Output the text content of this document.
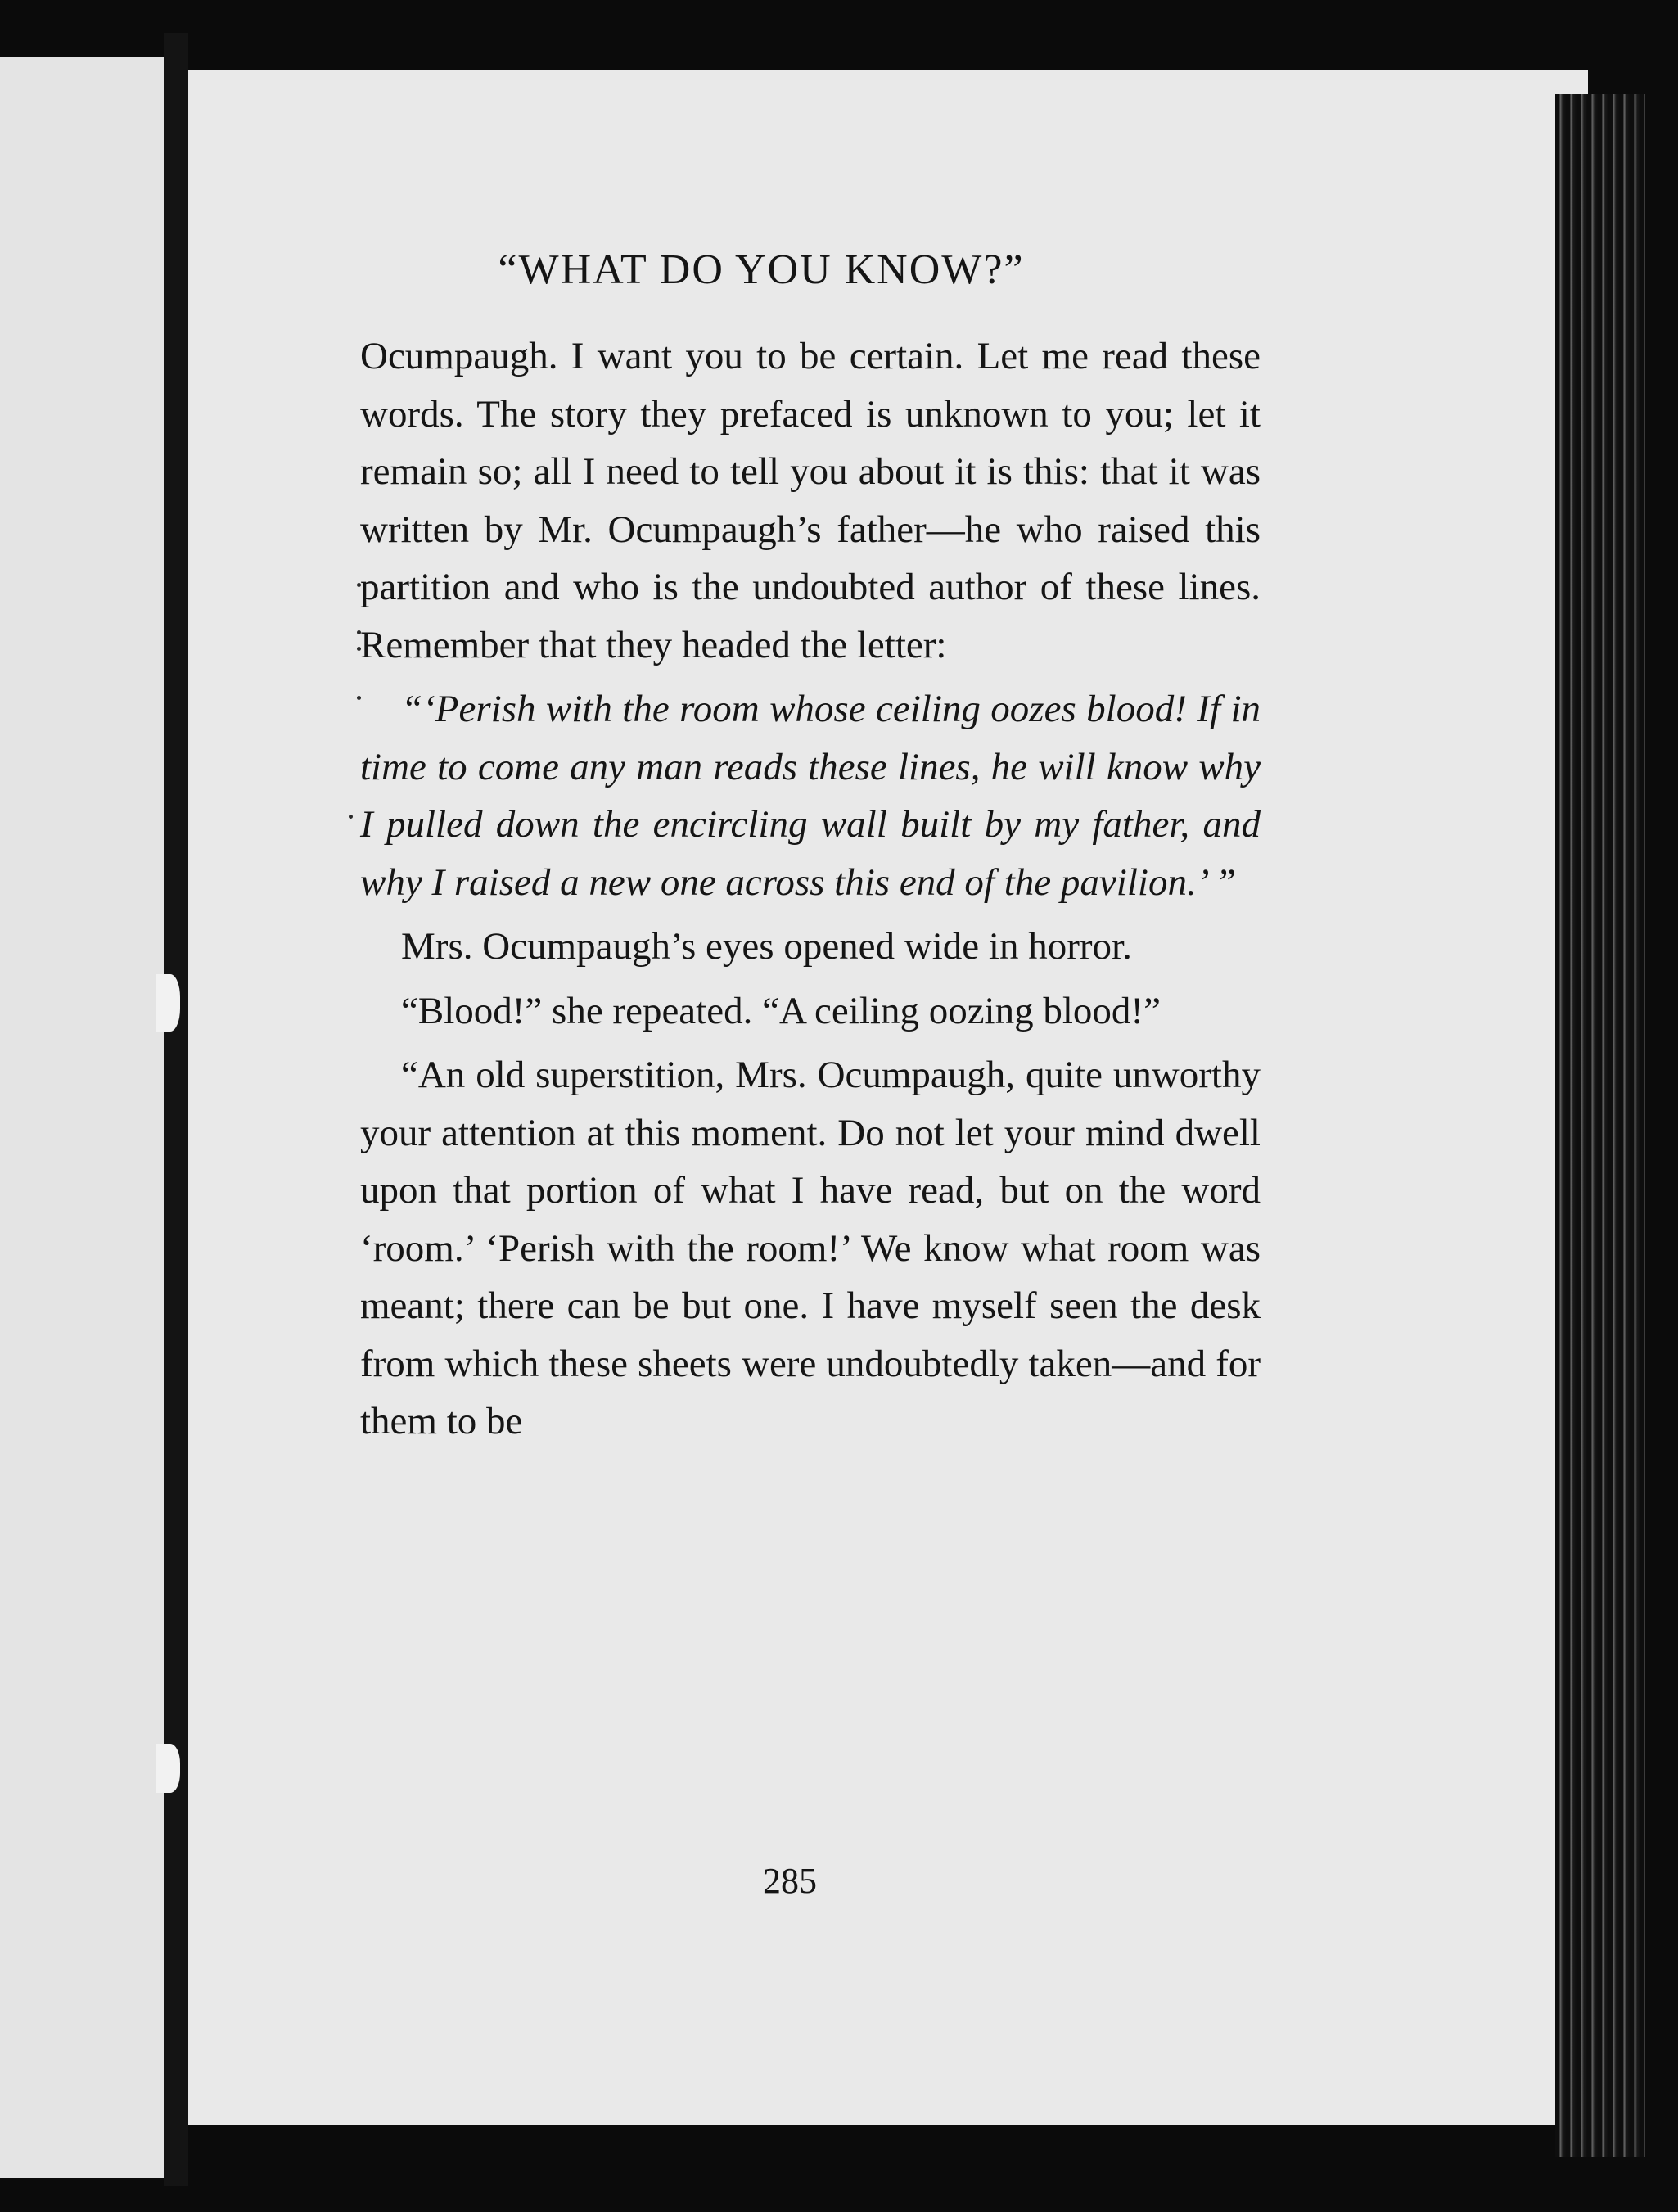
“WHAT DO YOU KNOW?”

Ocumpaugh. I want you to be certain. Let me read these words. The story they prefaced is unknown to you; let it remain so; all I need to tell you about it is this: that it was written by Mr. Ocumpaugh’s father—he who raised this partition and who is the undoubted author of these lines. Remember that they headed the letter:

“‘Perish with the room whose ceiling oozes blood! If in time to come any man reads these lines, he will know why I pulled down the encircling wall built by my father, and why I raised a new one across this end of the pavilion.’ ”

Mrs. Ocumpaugh’s eyes opened wide in horror.

“Blood!” she repeated. “A ceiling oozing blood!”

“An old superstition, Mrs. Ocumpaugh, quite unworthy your attention at this moment. Do not let your mind dwell upon that portion of what I have read, but on the word ‘room.’ ‘Perish with the room!’ We know what room was meant; there can be but one. I have myself seen the desk from which these sheets were undoubtedly taken—and for them to be

285
